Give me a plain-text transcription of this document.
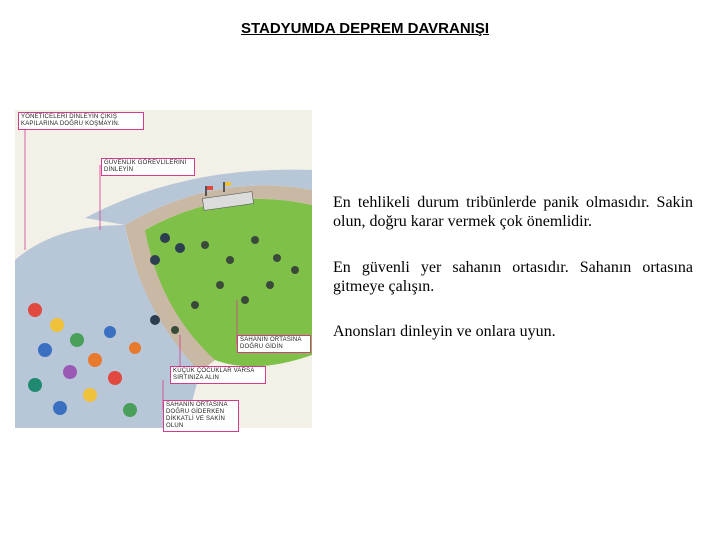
STADYUMDA DEPREM DAVRANIŞI
YÖNETİCELERİ DİNLEYİN ÇIKIŞ KAPILARINA DOĞRU KOŞMAYIN.
GÜVENLİK GÖREVLİLERİNİ DİNLEYİN
SAHANIN ORTASINA DOĞRU GİDİN
KÜÇÜK ÇOCUKLAR VARSA SIRTINIZA ALIN
SAHANIN ORTASINA DOĞRU GİDERKEN DİKKATLİ VE SAKİN OLUN

En tehlikeli durum tribünlerde panik olmasıdır. Sakin olun, doğru karar vermek çok önemlidir.

En güvenli yer sahanın ortasıdır. Sahanın ortasına gitmeye çalışın.

Anonsları dinleyin ve onlara uyun.
